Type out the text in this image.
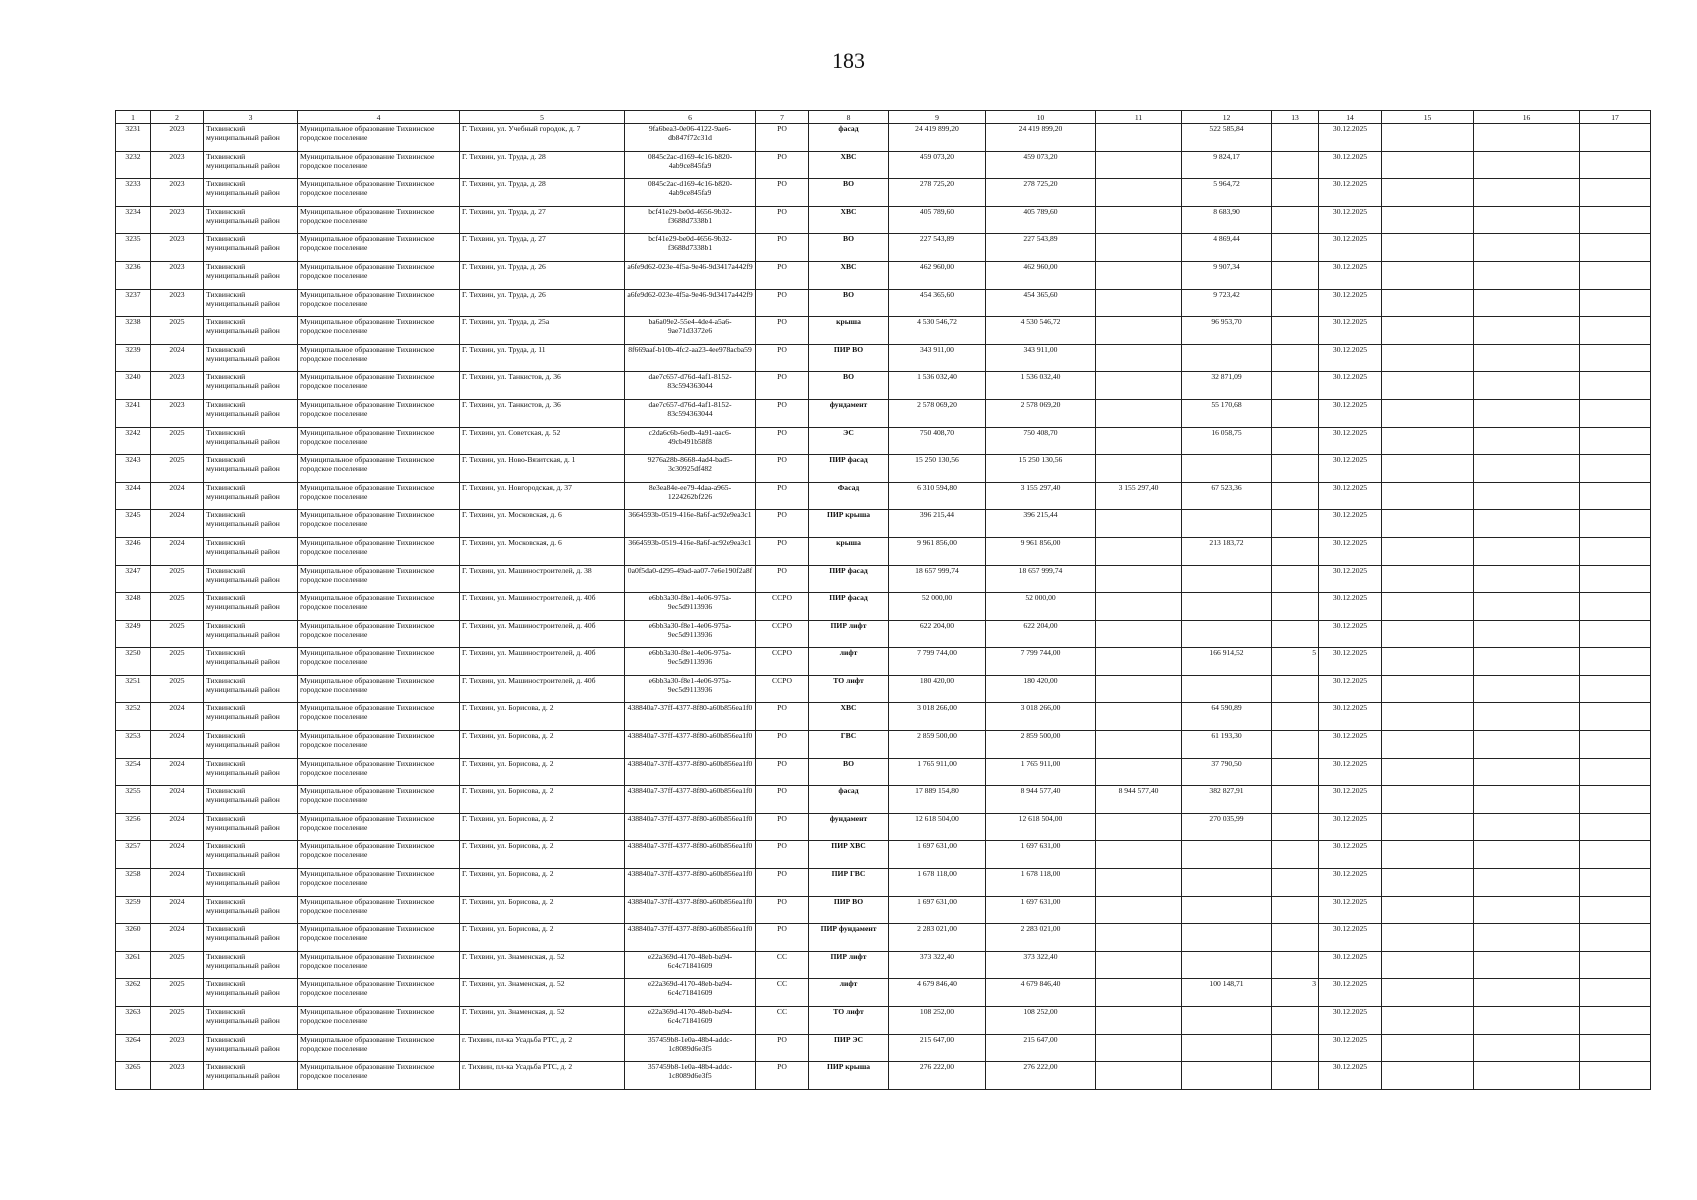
183
1	2	3	4	5	6	7	8	9	10	11	12	13	14	15	16	17
3231	2023	Тихвинский муниципальный район	Муниципальное образование Тихвинское городское поселение	Г. Тихвин, ул. Учебный городок, д. 7	9fa6bea3-0e06-4122-9ae6-db847f72c31d	РО	фасад	24 419 899,20	24 419 899,20		522 585,84		30.12.2025			
3232	2023	Тихвинский муниципальный район	Муниципальное образование Тихвинское городское поселение	Г. Тихвин, ул. Труда, д. 28	0845c2ac-d169-4c16-b820-4ab9ce845fa9	РО	ХВС	459 073,20	459 073,20		9 824,17		30.12.2025			
3233	2023	Тихвинский муниципальный район	Муниципальное образование Тихвинское городское поселение	Г. Тихвин, ул. Труда, д. 28	0845c2ac-d169-4c16-b820-4ab9ce845fa9	РО	ВО	278 725,20	278 725,20		5 964,72		30.12.2025			
3234	2023	Тихвинский муниципальный район	Муниципальное образование Тихвинское городское поселение	Г. Тихвин, ул. Труда, д. 27	bcf41e29-be0d-4656-9b32-f3688d7338b1	РО	ХВС	405 789,60	405 789,60		8 683,90		30.12.2025			
3235	2023	Тихвинский муниципальный район	Муниципальное образование Тихвинское городское поселение	Г. Тихвин, ул. Труда, д. 27	bcf41e29-be0d-4656-9b32-f3688d7338b1	РО	ВО	227 543,89	227 543,89		4 869,44		30.12.2025			
3236	2023	Тихвинский муниципальный район	Муниципальное образование Тихвинское городское поселение	Г. Тихвин, ул. Труда, д. 26	a6fe9d62-023e-4f5a-9e46-9d3417a442f9	РО	ХВС	462 960,00	462 960,00		9 907,34		30.12.2025			
3237	2023	Тихвинский муниципальный район	Муниципальное образование Тихвинское городское поселение	Г. Тихвин, ул. Труда, д. 26	a6fe9d62-023e-4f5a-9e46-9d3417a442f9	РО	ВО	454 365,60	454 365,60		9 723,42		30.12.2025			
3238	2025	Тихвинский муниципальный район	Муниципальное образование Тихвинское городское поселение	Г. Тихвин, ул. Труда, д. 25а	ba6a09e2-55e4-4de4-a5a6-9ae71d3372e6	РО	крыша	4 530 546,72	4 530 546,72		96 953,70		30.12.2025			
3239	2024	Тихвинский муниципальный район	Муниципальное образование Тихвинское городское поселение	Г. Тихвин, ул. Труда, д. 11	8f669aaf-b10b-4fc2-aa23-4ee978acba59	РО	ПИР ВО	343 911,00	343 911,00				30.12.2025			
3240	2023	Тихвинский муниципальный район	Муниципальное образование Тихвинское городское поселение	Г. Тихвин, ул. Танкистов, д. 36	dae7c657-d76d-4af1-8152-83c594363044	РО	ВО	1 536 032,40	1 536 032,40		32 871,09		30.12.2025			
3241	2023	Тихвинский муниципальный район	Муниципальное образование Тихвинское городское поселение	Г. Тихвин, ул. Танкистов, д. 36	dae7c657-d76d-4af1-8152-83c594363044	РО	фундамент	2 578 069,20	2 578 069,20		55 170,68		30.12.2025			
3242	2025	Тихвинский муниципальный район	Муниципальное образование Тихвинское городское поселение	Г. Тихвин, ул. Советская, д. 52	c2da6c6b-6edb-4a91-aac6-49cb491b58f8	РО	ЭС	750 408,70	750 408,70		16 058,75		30.12.2025			
3243	2025	Тихвинский муниципальный район	Муниципальное образование Тихвинское городское поселение	Г. Тихвин, ул. Ново-Вязитская, д. 1	9276a28b-8668-4ad4-bad5-3c30925df482	РО	ПИР фасад	15 250 130,56	15 250 130,56				30.12.2025			
3244	2024	Тихвинский муниципальный район	Муниципальное образование Тихвинское городское поселение	Г. Тихвин, ул. Новгородская, д. 37	8e3ea84e-ee79-4daa-a965-1224262bf226	РО	Фасад	6 310 594,80	3 155 297,40	3 155 297,40	67 523,36		30.12.2025			
3245	2024	Тихвинский муниципальный район	Муниципальное образование Тихвинское городское поселение	Г. Тихвин, ул. Московская, д. 6	3664593b-0519-416e-8a6f-ac92e9ea3c1	РО	ПИР крыша	396 215,44	396 215,44				30.12.2025			
3246	2024	Тихвинский муниципальный район	Муниципальное образование Тихвинское городское поселение	Г. Тихвин, ул. Московская, д. 6	3664593b-0519-416e-8a6f-ac92e9ea3c1	РО	крыша	9 961 856,00	9 961 856,00		213 183,72		30.12.2025			
3247	2025	Тихвинский муниципальный район	Муниципальное образование Тихвинское городское поселение	Г. Тихвин, ул. Машиностроителей, д. 38	0a0f5da0-d295-49ad-aa07-7e6e190f2a8f	РО	ПИР фасад	18 657 999,74	18 657 999,74				30.12.2025			
3248	2025	Тихвинский муниципальный район	Муниципальное образование Тихвинское городское поселение	Г. Тихвин, ул. Машиностроителей, д. 40б	e6bb3a30-f8e1-4e06-975a-9ec5d9113936	ССРО	ПИР фасад	52 000,00	52 000,00				30.12.2025			
3249	2025	Тихвинский муниципальный район	Муниципальное образование Тихвинское городское поселение	Г. Тихвин, ул. Машиностроителей, д. 40б	e6bb3a30-f8e1-4e06-975a-9ec5d9113936	ССРО	ПИР лифт	622 204,00	622 204,00				30.12.2025			
3250	2025	Тихвинский муниципальный район	Муниципальное образование Тихвинское городское поселение	Г. Тихвин, ул. Машиностроителей, д. 40б	e6bb3a30-f8e1-4e06-975a-9ec5d9113936	ССРО	лифт	7 799 744,00	7 799 744,00		166 914,52	5	30.12.2025			
3251	2025	Тихвинский муниципальный район	Муниципальное образование Тихвинское городское поселение	Г. Тихвин, ул. Машиностроителей, д. 40б	e6bb3a30-f8e1-4e06-975a-9ec5d9113936	ССРО	ТО лифт	180 420,00	180 420,00				30.12.2025			
3252	2024	Тихвинский муниципальный район	Муниципальное образование Тихвинское городское поселение	Г. Тихвин, ул. Борисова, д. 2	438840a7-37ff-4377-8f80-a60b856ea1f0	РО	ХВС	3 018 266,00	3 018 266,00		64 590,89		30.12.2025			
3253	2024	Тихвинский муниципальный район	Муниципальное образование Тихвинское городское поселение	Г. Тихвин, ул. Борисова, д. 2	438840a7-37ff-4377-8f80-a60b856ea1f0	РО	ГВС	2 859 500,00	2 859 500,00		61 193,30		30.12.2025			
3254	2024	Тихвинский муниципальный район	Муниципальное образование Тихвинское городское поселение	Г. Тихвин, ул. Борисова, д. 2	438840a7-37ff-4377-8f80-a60b856ea1f0	РО	ВО	1 765 911,00	1 765 911,00		37 790,50		30.12.2025			
3255	2024	Тихвинский муниципальный район	Муниципальное образование Тихвинское городское поселение	Г. Тихвин, ул. Борисова, д. 2	438840a7-37ff-4377-8f80-a60b856ea1f0	РО	фасад	17 889 154,80	8 944 577,40	8 944 577,40	382 827,91		30.12.2025			
3256	2024	Тихвинский муниципальный район	Муниципальное образование Тихвинское городское поселение	Г. Тихвин, ул. Борисова, д. 2	438840a7-37ff-4377-8f80-a60b856ea1f0	РО	фундамент	12 618 504,00	12 618 504,00		270 035,99		30.12.2025			
3257	2024	Тихвинский муниципальный район	Муниципальное образование Тихвинское городское поселение	Г. Тихвин, ул. Борисова, д. 2	438840a7-37ff-4377-8f80-a60b856ea1f0	РО	ПИР ХВС	1 697 631,00	1 697 631,00				30.12.2025			
3258	2024	Тихвинский муниципальный район	Муниципальное образование Тихвинское городское поселение	Г. Тихвин, ул. Борисова, д. 2	438840a7-37ff-4377-8f80-a60b856ea1f0	РО	ПИР ГВС	1 678 118,00	1 678 118,00				30.12.2025			
3259	2024	Тихвинский муниципальный район	Муниципальное образование Тихвинское городское поселение	Г. Тихвин, ул. Борисова, д. 2	438840a7-37ff-4377-8f80-a60b856ea1f0	РО	ПИР ВО	1 697 631,00	1 697 631,00				30.12.2025			
3260	2024	Тихвинский муниципальный район	Муниципальное образование Тихвинское городское поселение	Г. Тихвин, ул. Борисова, д. 2	438840a7-37ff-4377-8f80-a60b856ea1f0	РО	ПИР фундамент	2 283 021,00	2 283 021,00				30.12.2025			
3261	2025	Тихвинский муниципальный район	Муниципальное образование Тихвинское городское поселение	Г. Тихвин, ул. Знаменская, д. 52	e22a369d-4170-48eb-ba94-6c4c71841609	СС	ПИР лифт	373 322,40	373 322,40				30.12.2025			
3262	2025	Тихвинский муниципальный район	Муниципальное образование Тихвинское городское поселение	Г. Тихвин, ул. Знаменская, д. 52	e22a369d-4170-48eb-ba94-6c4c71841609	СС	лифт	4 679 846,40	4 679 846,40		100 148,71	3	30.12.2025			
3263	2025	Тихвинский муниципальный район	Муниципальное образование Тихвинское городское поселение	Г. Тихвин, ул. Знаменская, д. 52	e22a369d-4170-48eb-ba94-6c4c71841609	СС	ТО лифт	108 252,00	108 252,00				30.12.2025			
3264	2023	Тихвинский муниципальный район	Муниципальное образование Тихвинское городское поселение	г. Тихвин, пл-ка Усадьба РТС, д. 2	357459b8-1e0a-48b4-addc-1c8089d6e3f5	РО	ПИР ЭС	215 647,00	215 647,00				30.12.2025			
3265	2023	Тихвинский муниципальный район	Муниципальное образование Тихвинское городское поселение	г. Тихвин, пл-ка Усадьба РТС, д. 2	357459b8-1e0a-48b4-addc-1c8089d6e3f5	РО	ПИР крыша	276 222,00	276 222,00				30.12.2025			
